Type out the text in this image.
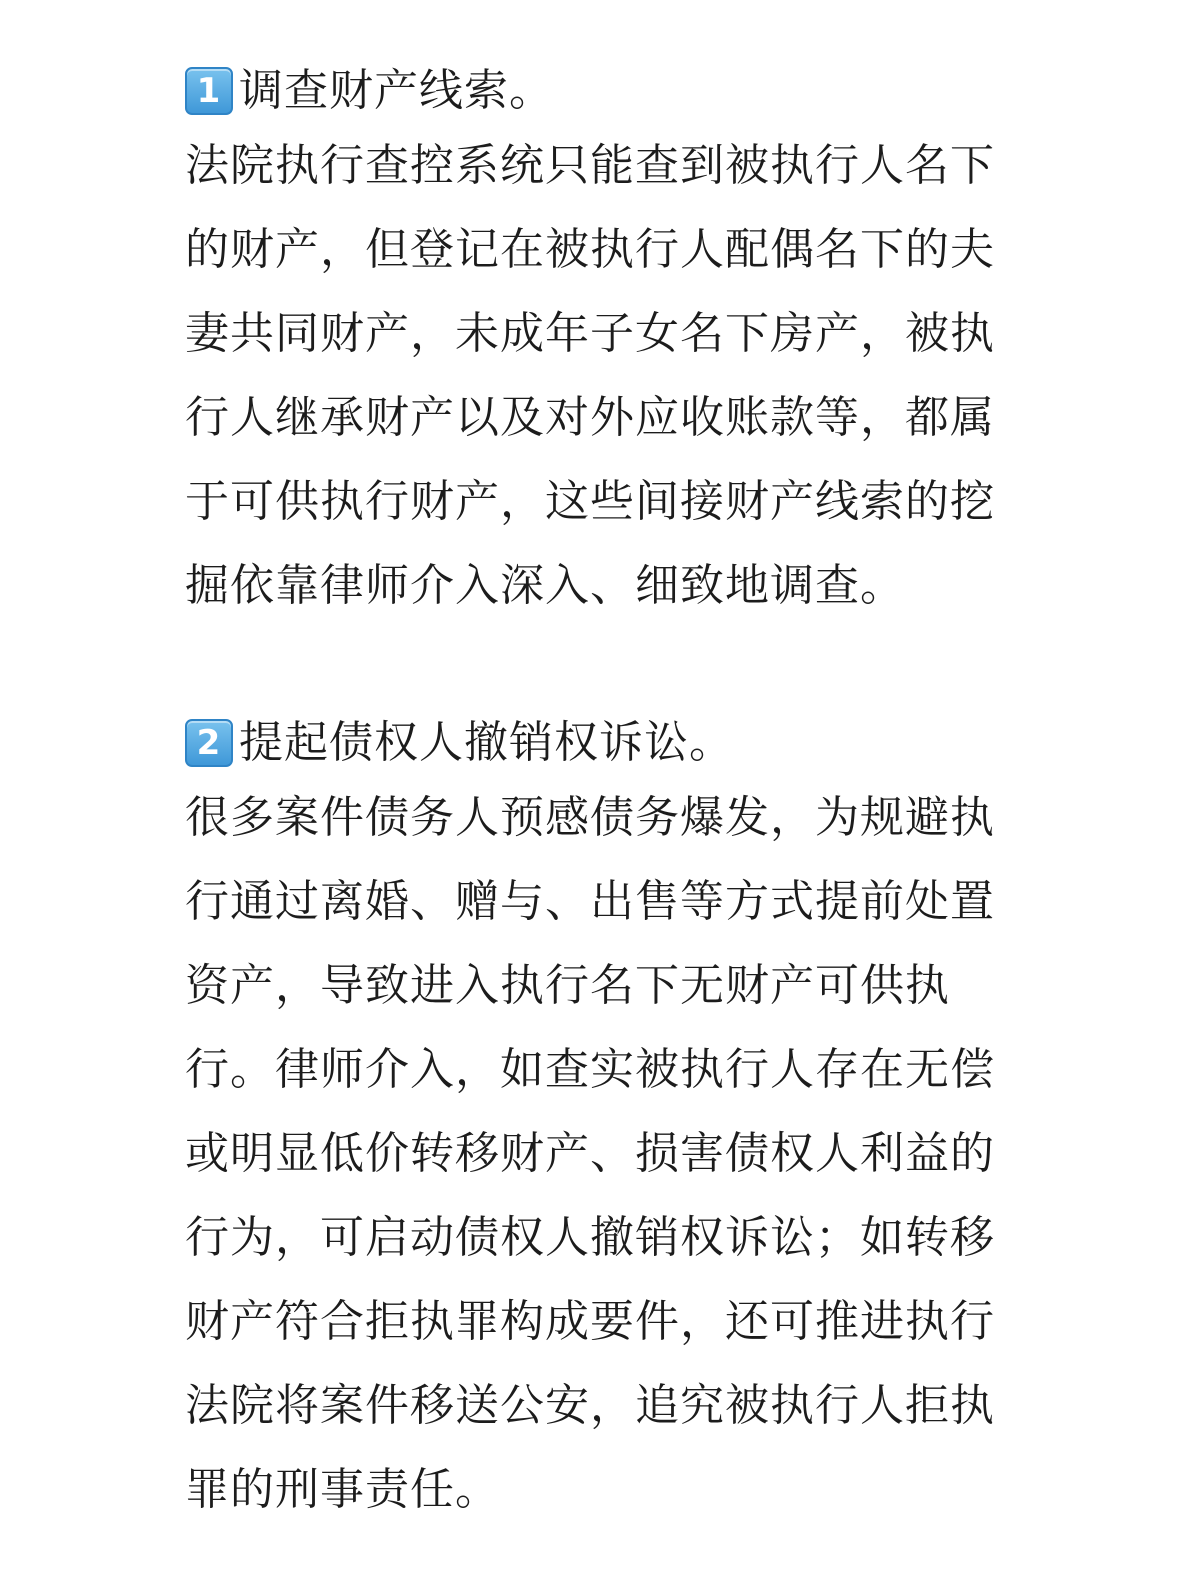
1 调查财产线索。
法院执行查控系统只能查到被执行人名下
的财产，但登记在被执行人配偶名下的夫
妻共同财产，未成年子女名下房产，被执
行人继承财产以及对外应收账款等，都属
于可供执行财产，这些间接财产线索的挖
掘依靠律师介入深入、细致地调查。
2 提起债权人撤销权诉讼。
很多案件债务人预感债务爆发，为规避执
行通过离婚、赠与、出售等方式提前处置
资产，导致进入执行名下无财产可供执
行。律师介入，如查实被执行人存在无偿
或明显低价转移财产、损害债权人利益的
行为，可启动债权人撤销权诉讼；如转移
财产符合拒执罪构成要件，还可推进执行
法院将案件移送公安，追究被执行人拒执
罪的刑事责任。
